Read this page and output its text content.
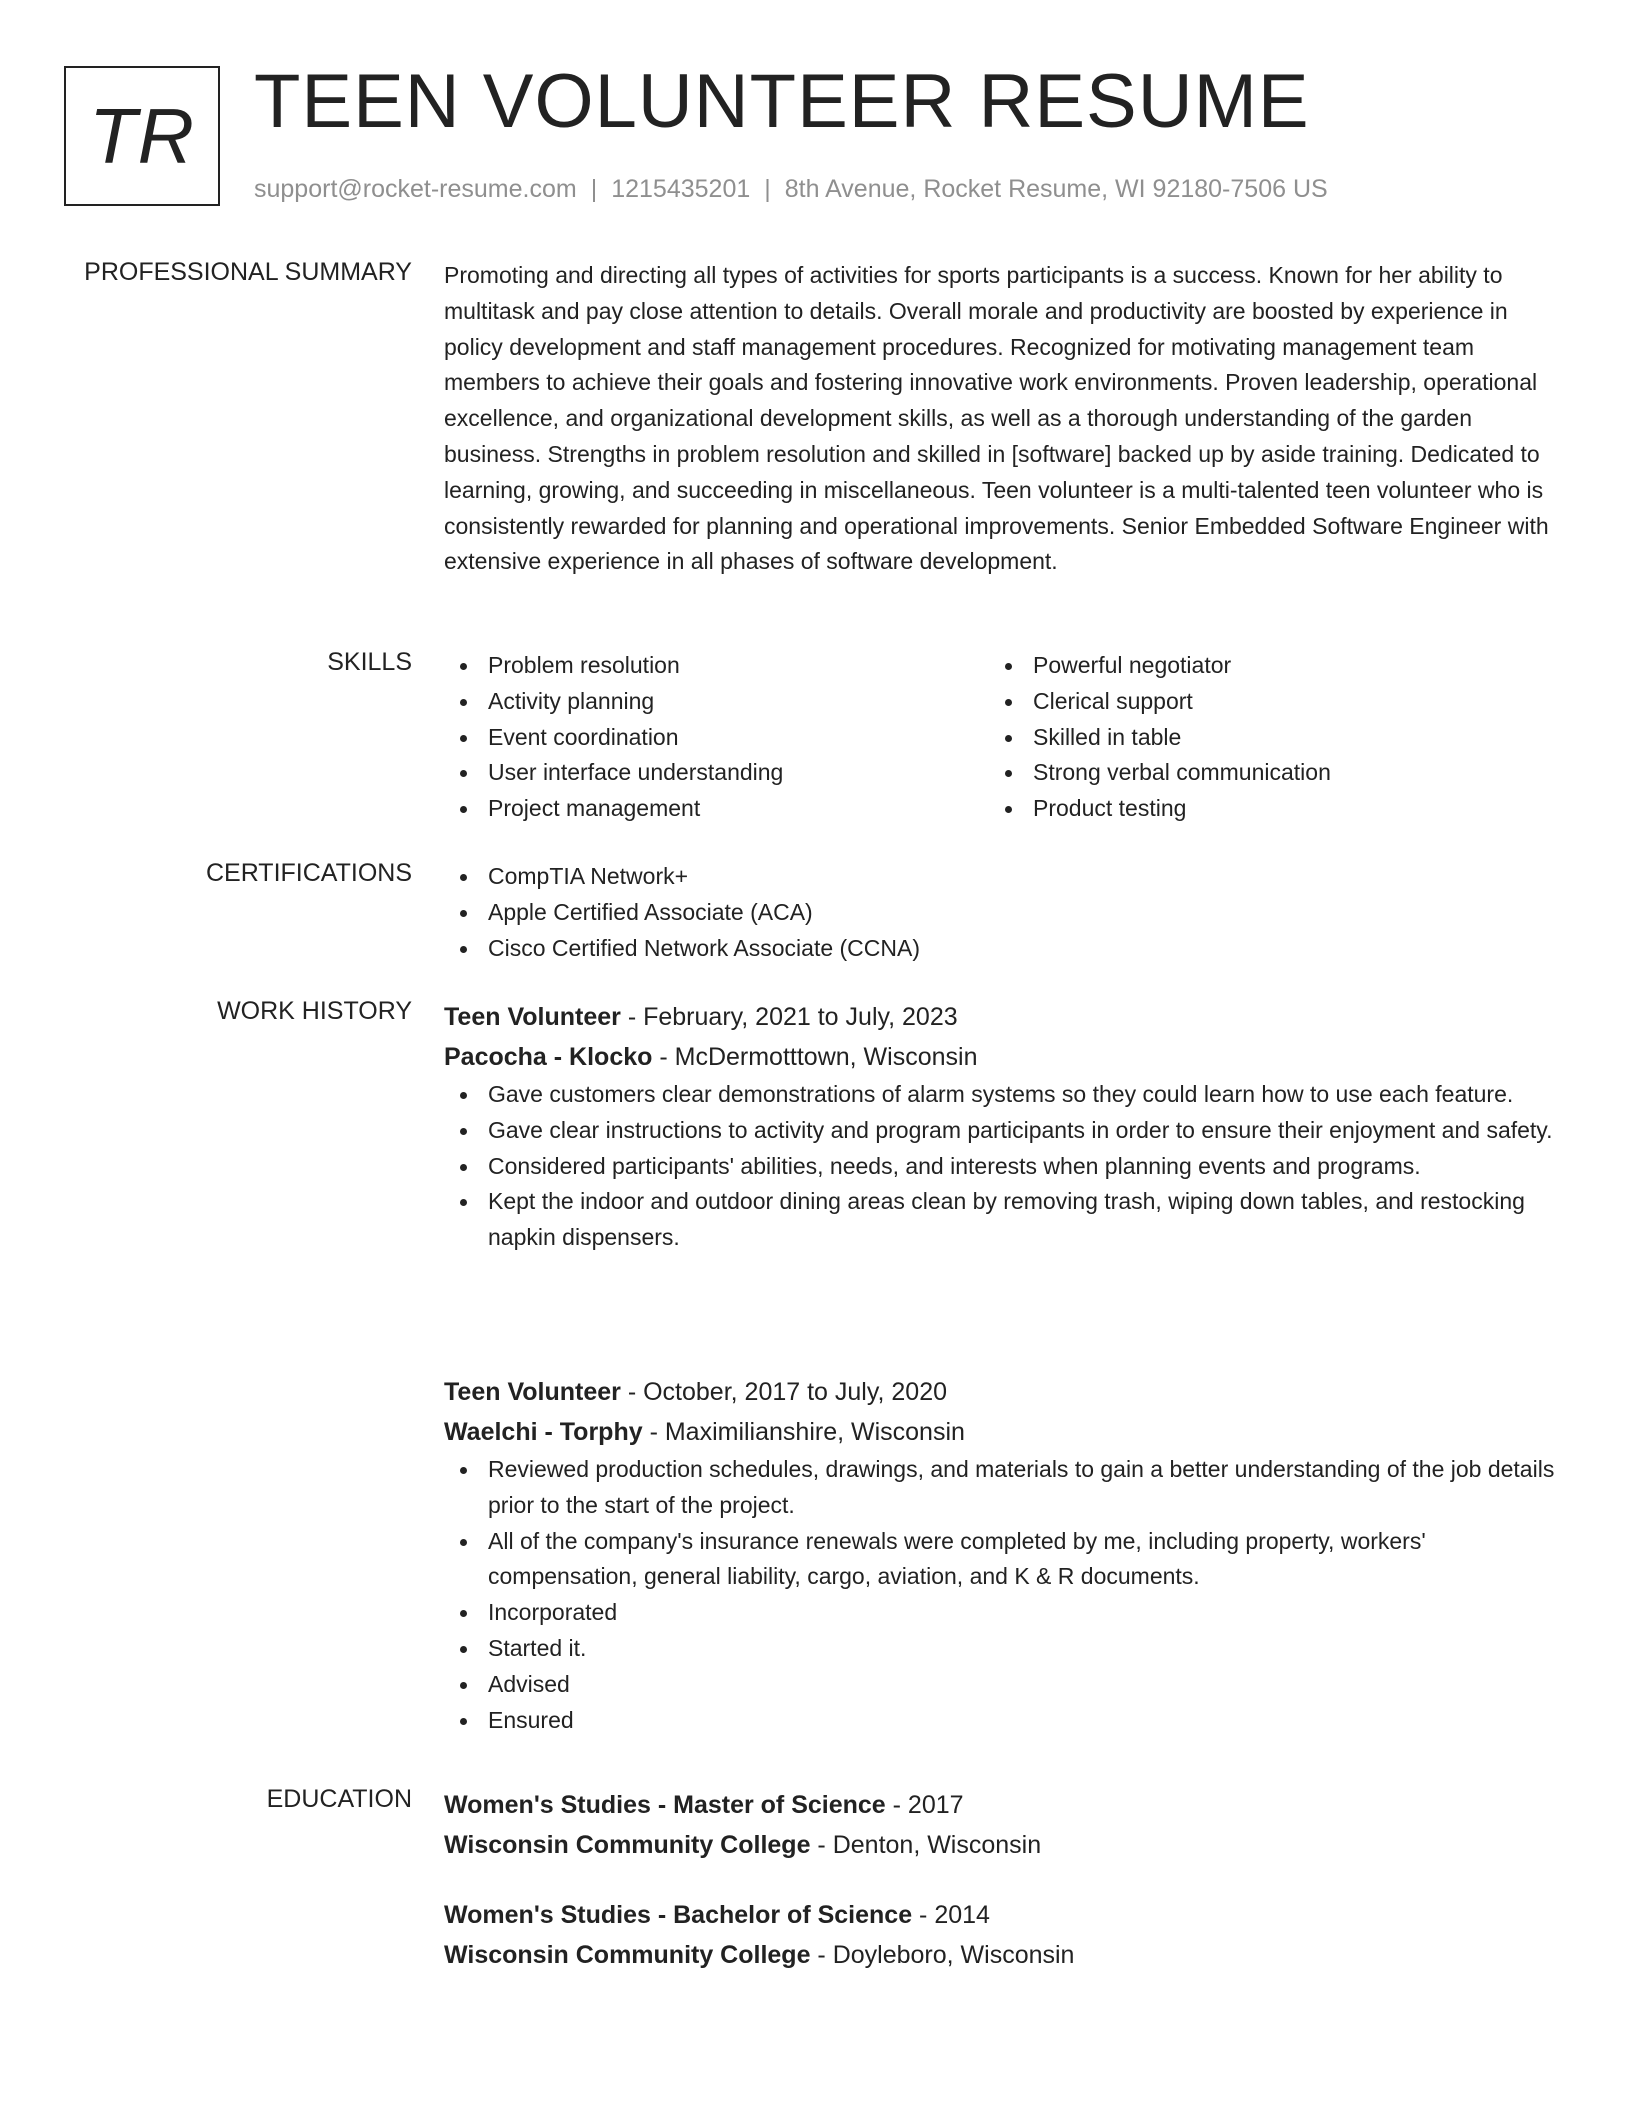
TR TEEN VOLUNTEER RESUME
support@rocket-resume.com | 1215435201 | 8th Avenue, Rocket Resume, WI 92180-7506 US
PROFESSIONAL SUMMARY Promoting and directing all types of activities for sports participants is a success. Known for her ability to multitask and pay close attention to details. Overall morale and productivity are boosted by experience in policy development and staff management procedures. Recognized for motivating management team members to achieve their goals and fostering innovative work environments. Proven leadership, operational excellence, and organizational development skills, as well as a thorough understanding of the garden business. Strengths in problem resolution and skilled in [software] backed up by aside training. Dedicated to learning, growing, and succeeding in miscellaneous. Teen volunteer is a multi-talented teen volunteer who is consistently rewarded for planning and operational improvements. Senior Embedded Software Engineer with extensive experience in all phases of software development.

SKILLS	Problem resolution
Activity planning
Event coordination
User interface understanding
Project management
Powerful negotiator
Clerical support
Skilled in table
Strong verbal communication
Product testing
CERTIFICATIONS	CompTIA Network+
Apple Certified Associate (ACA)
Cisco Certified Network Associate (CCNA)
WORK HISTORY Teen Volunteer - February, 2021 to July, 2023
Pacocha - Klocko - McDermotttown, Wisconsin
Gave customers clear demonstrations of alarm systems so they could learn how to use each feature.
Gave clear instructions to activity and program participants in order to ensure their enjoyment and safety.
Considered participants' abilities, needs, and interests when planning events and programs.
Kept the indoor and outdoor dining areas clean by removing trash, wiping down tables, and restocking napkin dispensers.
Teen Volunteer - October, 2017 to July, 2020
Waelchi - Torphy - Maximilianshire, Wisconsin
Reviewed production schedules, drawings, and materials to gain a better understanding of the job details prior to the start of the project.
All of the company's insurance renewals were completed by me, including property, workers' compensation, general liability, cargo, aviation, and K & R documents.
Incorporated
Started it.
Advised
Ensured
EDUCATION Women's Studies - Master of Science - 2017
Wisconsin Community College - Denton, Wisconsin
Women's Studies - Bachelor of Science - 2014
Wisconsin Community College - Doyleboro, Wisconsin
